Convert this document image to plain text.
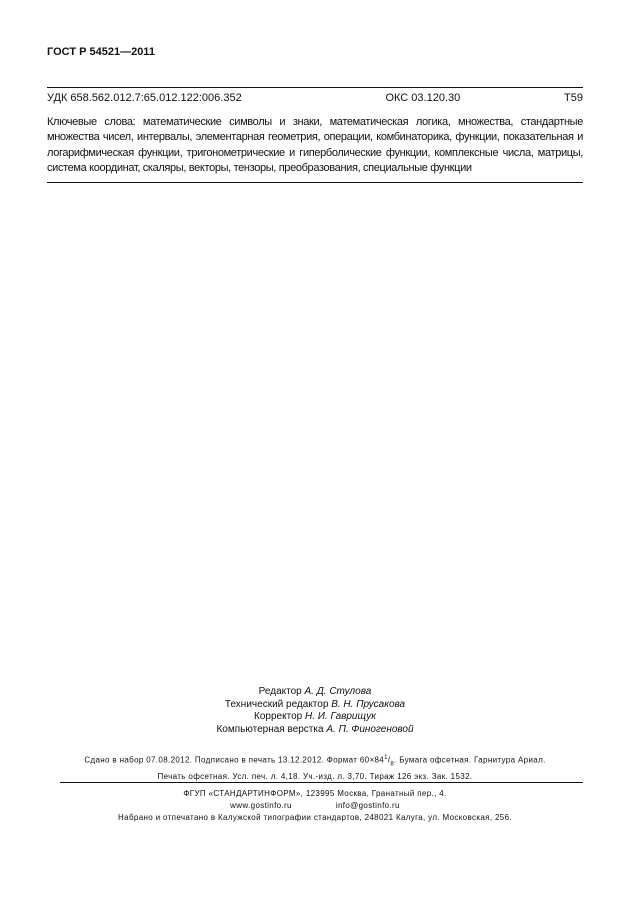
ГОСТ Р 54521—2011
УДК 658.562.012.7:65.012.122:006.352	ОКС 03.120.30	T59
Ключевые слова: математические символы и знаки, математическая логика, множества, стандартные множества чисел, интервалы, элементарная геометрия, операции, комбинаторика, функции, показательная и логарифмическая функции, тригонометрические и гиперболические функции, комплексные числа, матрицы, система координат, скаляры, векторы, тензоры, преобразования, специальные функции
Редактор А. Д. Стулова
Технический редактор В. Н. Прусакова
Корректор Н. И. Гаврищук
Компьютерная верстка А. П. Финогеновой
Сдано в набор 07.08.2012. Подписано в печать 13.12.2012. Формат $60\times 84^1/_8$. Бумага офсетная. Гарнитура Ариал.
Печать офсетная. Усл. печ. л. 4,18. Уч.-изд. л. 3,70. Тираж 126 экз. Зак. 1532.
ФГУП «СТАНДАРТИНФОРМ», 123995 Москва, Гранатный пер., 4.
www.gostinfo.ru	info@gostinfo.ru
Набрано и отпечатано в Калужской типографии стандартов, 248021 Калуга, ул. Московская, 256.
